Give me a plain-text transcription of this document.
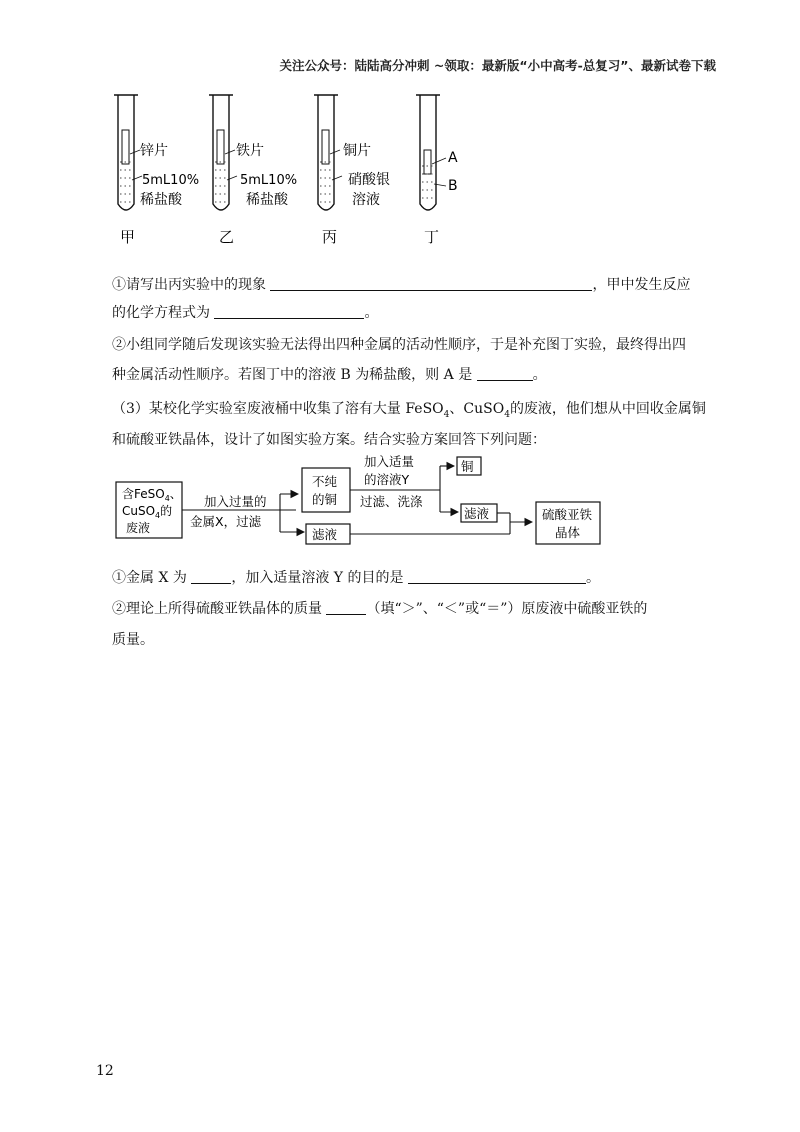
关注公众号：陆陆高分冲刺 ~领取：最新版“小中高考-总复习”、最新试卷下载
锌片
5mL10%
稀盐酸
甲
铁片
5mL10%
稀盐酸
乙
铜片
硝酸银
溶液
丙
A
B
丁
①请写出丙实验中的现象	，甲中发生反应
的化学方程式为	。
②小组同学随后发现该实验无法得出四种金属的活动性顺序，于是补充图丁实验，最终得出四
种金属活动性顺序。若图丁中的溶液 B 为稀盐酸，则 A 是	。
（3）某校化学实验室废液桶中收集了溶有大量 FeSO$_4$、CuSO$_4$的废液，他们想从中回收金属铜
和硫酸亚铁晶体，设计了如图实验方案。结合实验方案回答下列问题：
含FeSO$_4$、
CuSO$_4$的
废液
加入过量的
金属X，过滤
不纯
的铜
滤液
加入适量
的溶液Y
过滤、洗涤
铜
滤液	硫酸亚铁
晶体
①金属 X 为	，加入适量溶液 Y 的目的是	。
②理论上所得硫酸亚铁晶体的质量	（填“＞”、“＜”或“＝”）原废液中硫酸亚铁的
质量。
12
